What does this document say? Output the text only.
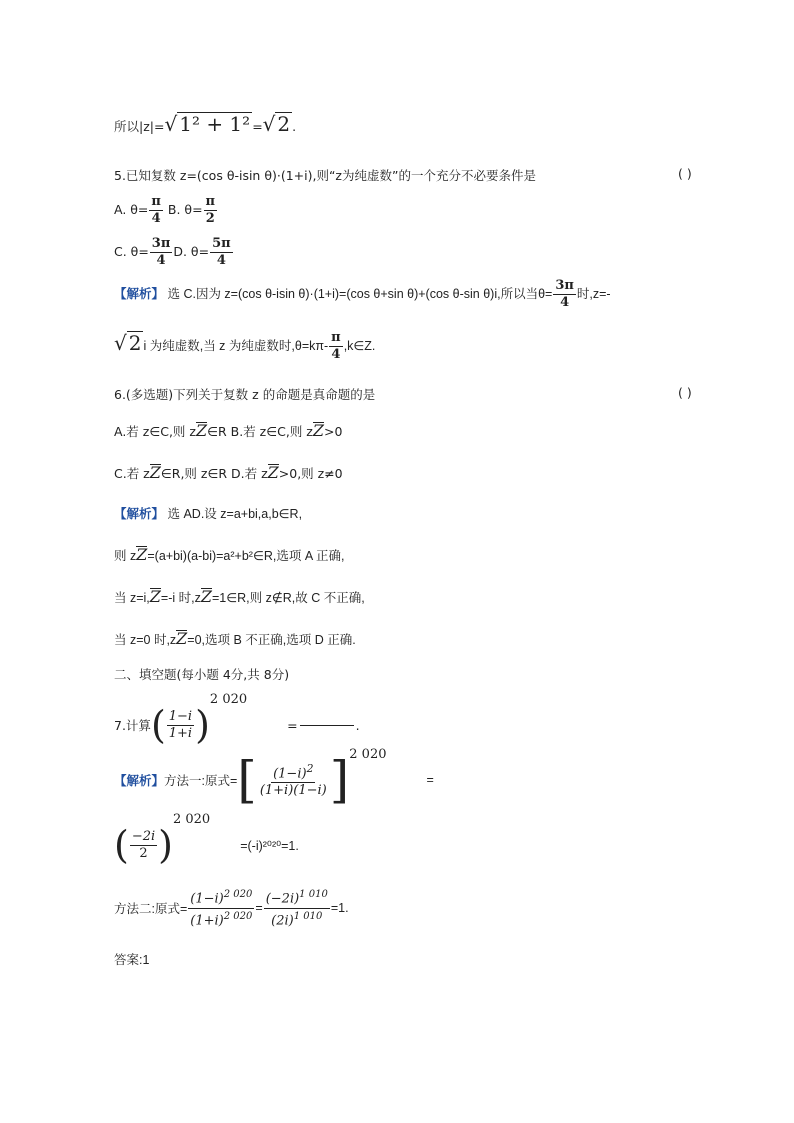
所以|z|=√ 1² + 1² =√ 2 .
5.已知复数 z=(cos θ-isin θ)·(1+i),则“z为纯虚数”的一个充分不必要条件是	( )
A. $\theta= \frac{\pi}{4} B$. $\theta= \frac{\pi}{2}$
C. $\theta= \frac{3\pi}{4} D$. $\theta= \frac{5\pi}{4}$
【解析】 选 C.因为 z=(cos θ-isin θ)·(1+i)=(cos θ+sin θ)+(cos θ-sin θ)i,所以当$\theta= \frac{3\pi}{4}$ 时,z=-
√ 2 i 为纯虚数,当 z 为纯虚数时$,\theta=k\pi- \frac{\pi}{4}$ ,k∈Z.
6.(多选题)下列关于复数 z 的命题是真命题的是	( )
A.若 z∈C,则 zZ∈R B.若 z∈C,则 zZ>0
C.若 zZ∈R,则 z∈R D.若 zZ>0,则 z≠0
【解析】 选 AD.设 z=a+bi,a,b∈R,
则 zZ=(a+bi)(a-bi)=a²+b²∈R,选项 A 正确,
当 z=i,Z=-i 时,zZ=1∈R,则 z∉R,故 C 不正确,
当 z=0 时,zZ=0,选项 B 不正确,选项 D 正确.
二、填空题(每小题 4分,共 8分)
7.计算 ( $\frac{1-i}{1+i}$ )
2 020
=	.
【解析】 方法一:原式= [ $\frac{(1-i)^2}{(1+i)(1-i)}$ ] 2 020
=
( $\frac{-2i}{2}$ )
2 020
=(-i)²⁰²⁰=1.
方法二:原式= $\frac{(1-i)^{2 020}}{(1+i)^{2 020}} = \frac{(-2i)^{1 010}}{(2i)^{1 010}} =1$.
答案:1
